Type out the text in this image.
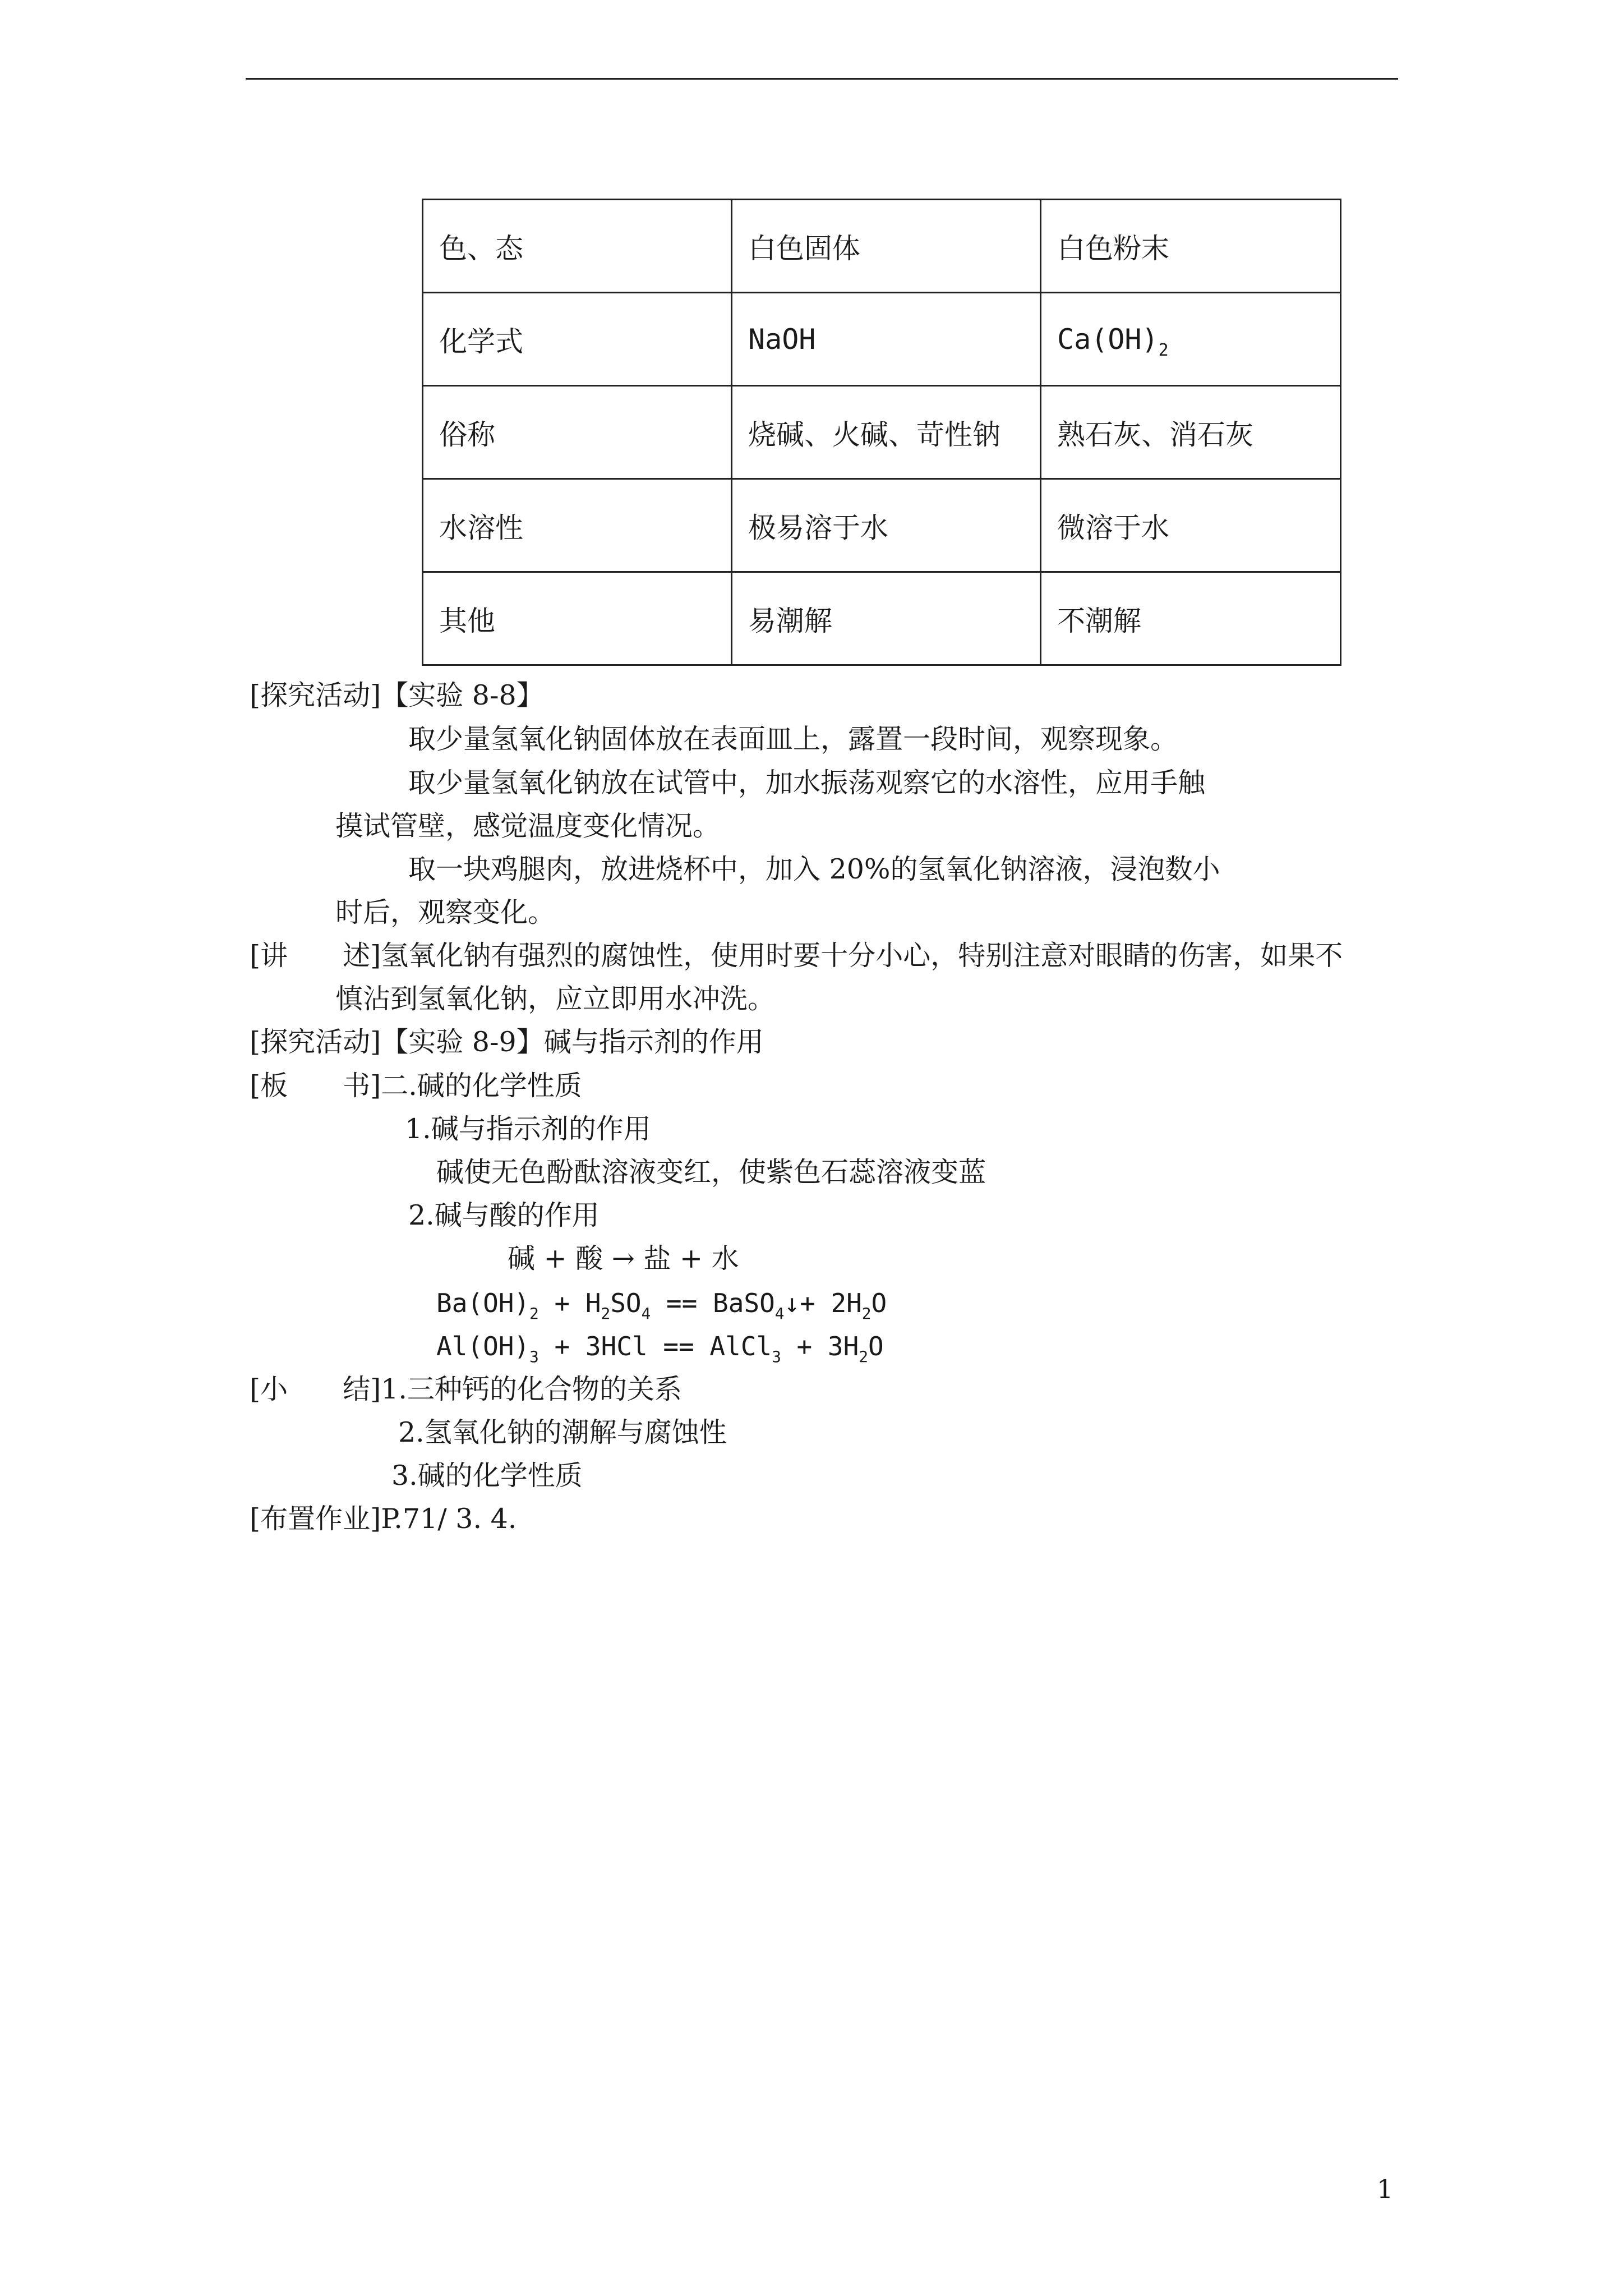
色、态	白色固体	白色粉末
化学式	NaOH	$Ca(OH)_2$
俗称	烧碱、火碱、苛性钠	熟石灰、消石灰
水溶性	极易溶于水	微溶于水
其他	易潮解	不潮解
[探究活动]【实验 8-8】
取少量氢氧化钠固体放在表面皿上，露置一段时间，观察现象。
取少量氢氧化钠放在试管中，加水振荡观察它的水溶性，应用手触
摸试管壁，感觉温度变化情况。
取一块鸡腿肉，放进烧杯中，加入 20%的氢氧化钠溶液，浸泡数小
时后，观察变化。
[讲　　述]氢氧化钠有强烈的腐蚀性，使用时要十分小心，特别注意对眼睛的伤害，如果不
慎沾到氢氧化钠，应立即用水冲洗。
[探究活动]【实验 8-9】碱与指示剂的作用
[板　　书]二.碱的化学性质
1.碱与指示剂的作用
碱使无色酚酞溶液变红，使紫色石蕊溶液变蓝
2.碱与酸的作用
碱 + 酸 → 盐 + 水
$Ba(OH)_2 + H_2SO_4$ == BaSO$_4$↓+ $2H_2O$
$Al(OH)_3 + 3HCl$ == AlCl$_3$ + $3H_2O$
[小　　结]1.三种钙的化合物的关系
2.氢氧化钠的潮解与腐蚀性
3.碱的化学性质
[布置作业]P.71/ 3. 4.
1
